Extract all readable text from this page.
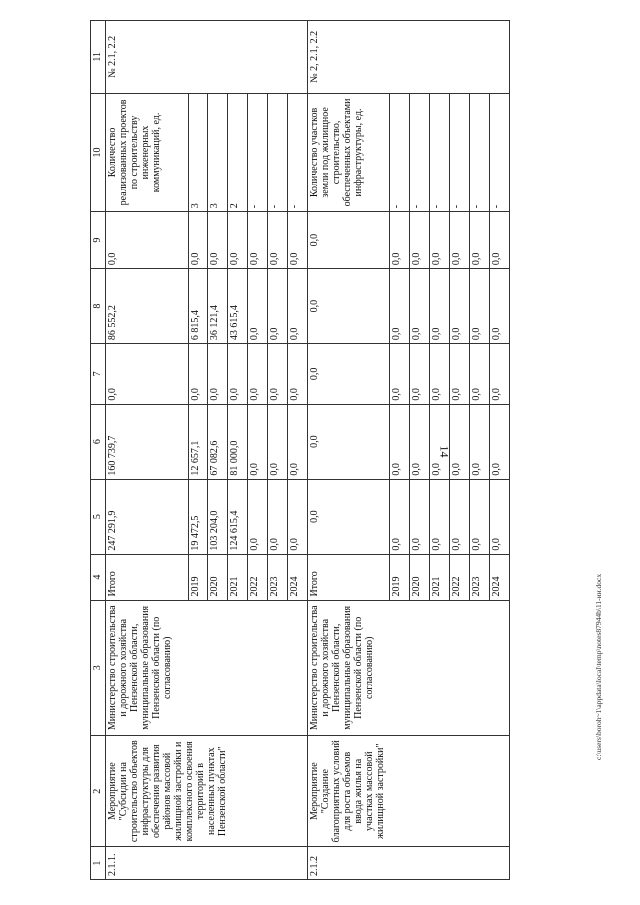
14
c:\users\boroh~1\appdata\local\temp\notes87944b\11-ии.docx
1	2	3	4	5	6	7	8	9	10	11
2.1.1.	Мероприятие "Субсидии на строительство объектов инфраструктуры для обеспечения развития районов массовой жилищной застройки и комплексного освоения территорий в населенных пунктах Пензенской области"	Министерство строительства и дорожного хозяйства Пензенской области, муниципальные образования Пензенской области (по согласованию)	Итого	247 291,9	160 739,7	0,0	86 552,2	0,0	Количество реализованных проектов по строительству инженерных коммуникаций, ед.	№ 2.1, 2.2
			2019	19 472,5	12 657,1	0,0	6 815,4	0,0	3	
			2020	103 204,0	67 082,6	0,0	36 121,4	0,0	3	
			2021	124 615,4	81 000,0	0,0	43 615,4	0,0	2	
			2022	0,0	0,0	0,0	0,0	0,0	-	
			2023	0,0	0,0	0,0	0,0	0,0	-	
			2024	0,0	0,0	0,0	0,0	0,0	-	
2.1.2	Мероприятие "Создание благоприятных условий для роста объемов ввода жилья на участках массовой жилищной застройки"	Министерство строительства и дорожного хозяйства Пензенской области, муниципальные образования Пензенской области (по согласованию)	Итого	0,0	0,0	0,0	0,0	0,0	Количество участков земли под жилищное строительство, обеспеченных объектами инфраструктуры, ед.	№ 2, 2.1, 2.2
			2019	0,0	0,0	0,0	0,0	0,0	-	
			2020	0,0	0,0	0,0	0,0	0,0	-	
			2021	0,0	0,0	0,0	0,0	0,0	-	
			2022	0,0	0,0	0,0	0,0	0,0	-	
			2023	0,0	0,0	0,0	0,0	0,0	-	
			2024	0,0	0,0	0,0	0,0	0,0	-	
